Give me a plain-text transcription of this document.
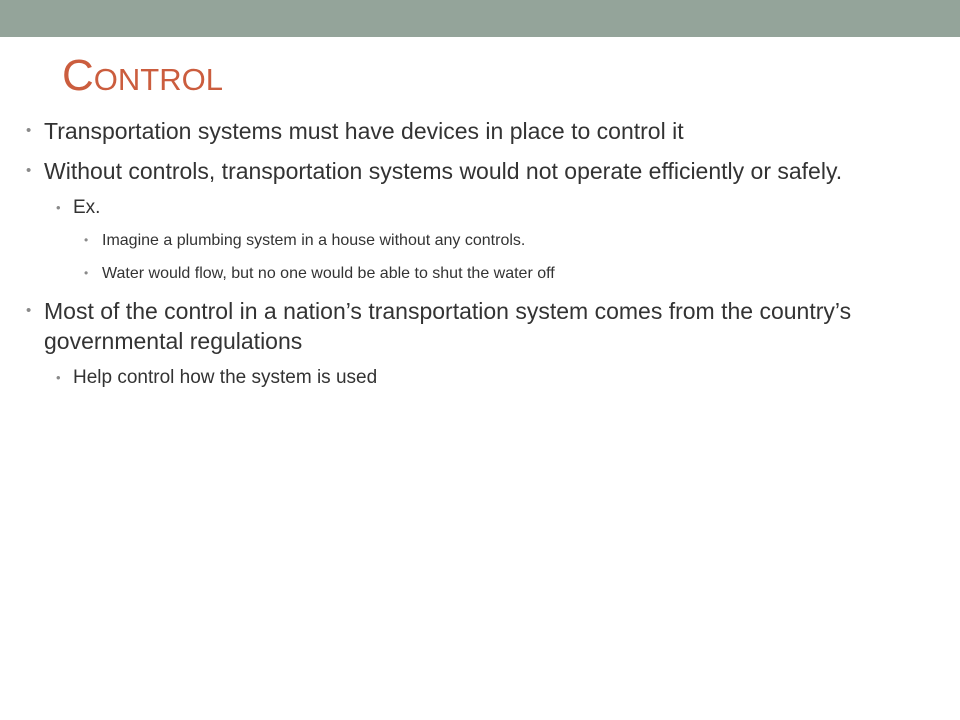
Control
• Transportation systems must have devices in place to control it
• Without controls, transportation systems would not operate efficiently or safely.
• Ex.
• Imagine a plumbing system in a house without any controls.
• Water would flow, but no one would be able to shut the water off
• Most of the control in a nation’s transportation system comes from the country’s governmental regulations
• Help control how the system is used
